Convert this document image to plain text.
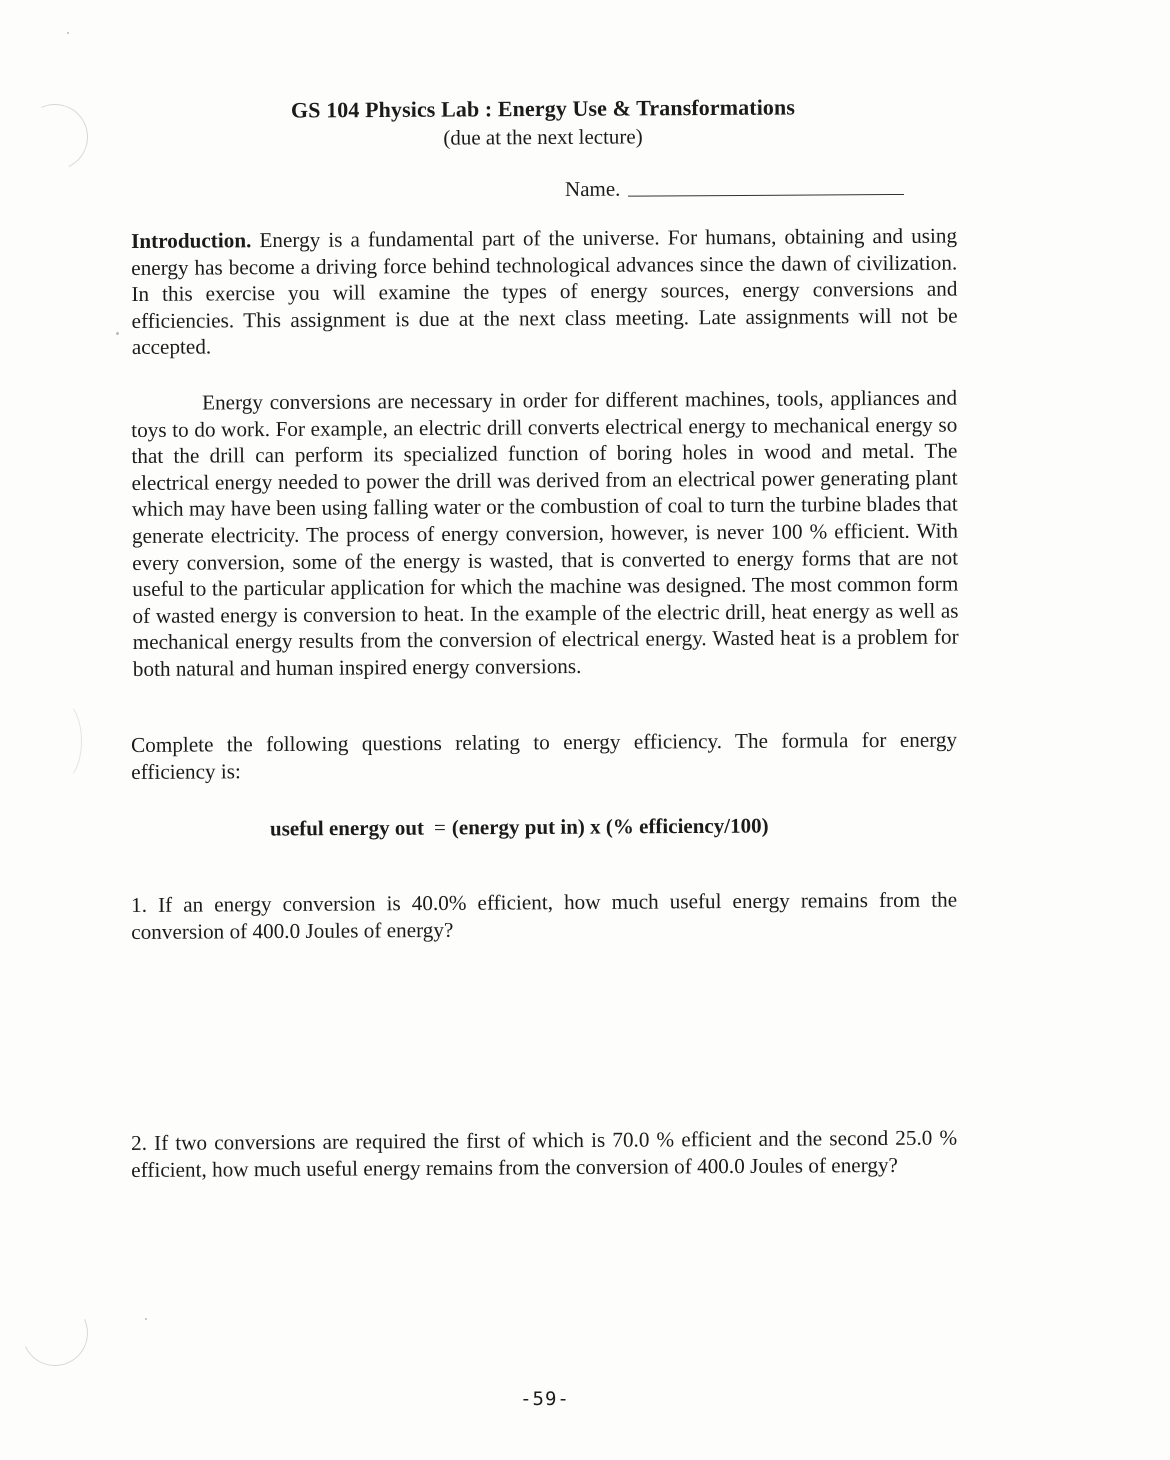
GS 104 Physics Lab : Energy Use & Transformations
(due at the next lecture)
Name.
Introduction. Energy is a fundamental part of the universe. For humans, obtaining and using energy has become a driving force behind technological advances since the dawn of civilization. In this exercise you will examine the types of energy sources, energy conversions and efficiencies. This assignment is due at the next class meeting. Late assignments will not be accepted.
Energy conversions are necessary in order for different machines, tools, appliances and toys to do work. For example, an electric drill converts electrical energy to mechanical energy so that the drill can perform its specialized function of boring holes in wood and metal. The electrical energy needed to power the drill was derived from an electrical power generating plant which may have been using falling water or the combustion of coal to turn the turbine blades that generate electricity. The process of energy conversion, however, is never 100 % efficient. With every conversion, some of the energy is wasted, that is converted to energy forms that are not useful to the particular application for which the machine was designed. The most common form of wasted energy is conversion to heat. In the example of the electric drill, heat energy as well as mechanical energy results from the conversion of electrical energy. Wasted heat is a problem for both natural and human inspired energy conversions.
Complete the following questions relating to energy efficiency. The formula for energy efficiency is:
useful energy out = (energy put in) x (% efficiency/100)
1. If an energy conversion is 40.0% efficient, how much useful energy remains from the conversion of 400.0 Joules of energy?
2. If two conversions are required the first of which is 70.0 % efficient and the second 25.0 % efficient, how much useful energy remains from the conversion of 400.0 Joules of energy?
-59-
